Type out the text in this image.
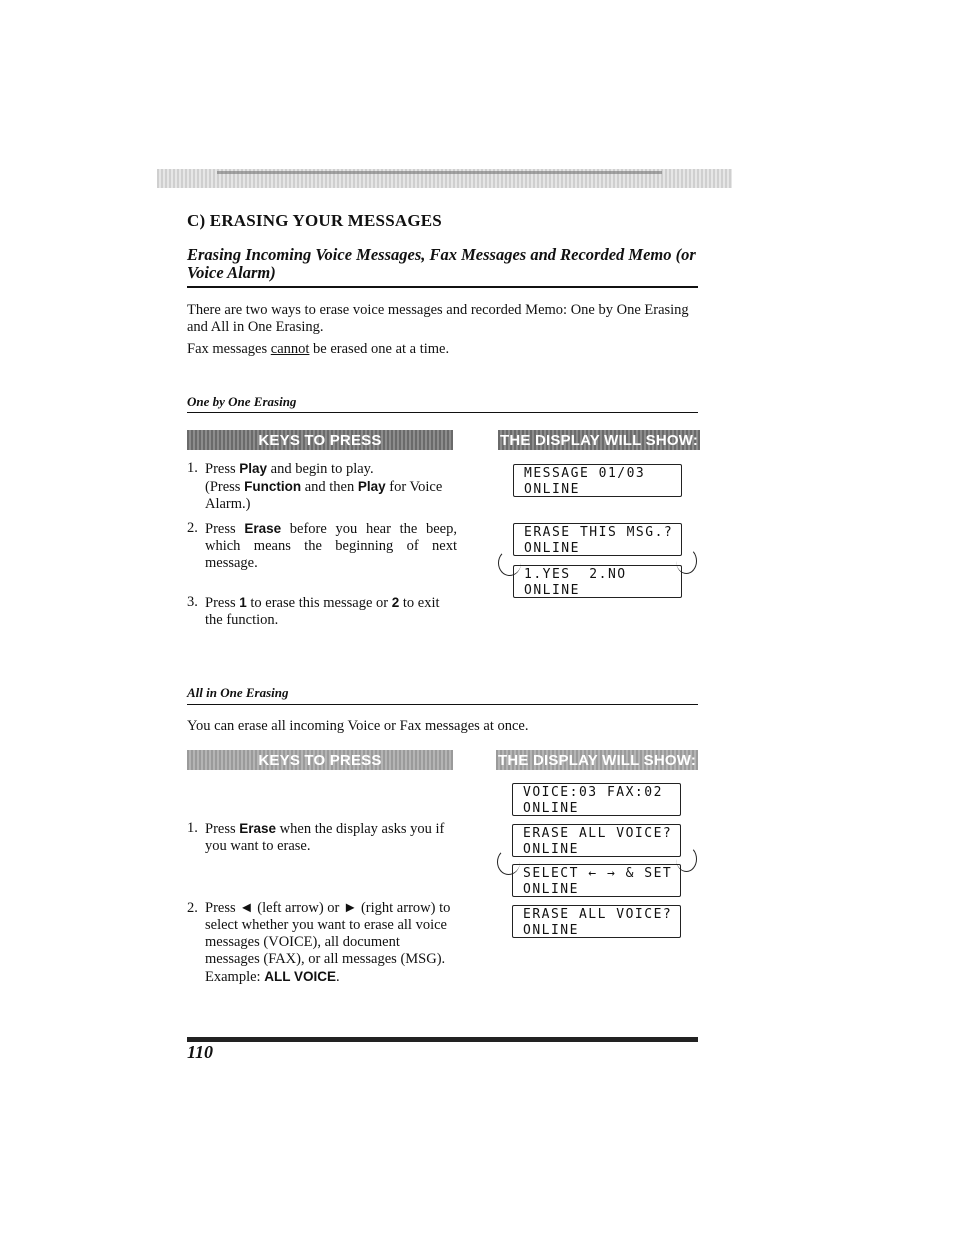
C) ERASING YOUR MESSAGES
Erasing Incoming Voice Messages, Fax Messages and Recorded Memo (or Voice Alarm)
There are two ways to erase voice messages and recorded Memo: One by One Erasing and All in One Erasing.
Fax messages cannot be erased one at a time.
One by One Erasing
KEYS TO PRESS	THE DISPLAY WILL SHOW:
1. Press Play and begin to play.
(Press Function and then Play for Voice Alarm.)
2. Press Erase before you hear the beep, which means the beginning of next message.
3. Press 1 to erase this message or 2 to exit the function.
MESSAGE 01/03
ONLINE
ERASE THIS MSG.?
ONLINE
1.YES  2.NO
ONLINE
All in One Erasing
You can erase all incoming Voice or Fax messages at once.
KEYS TO PRESS	THE DISPLAY WILL SHOW:
1. Press Erase when the display asks you if you want to erase.
2. Press ◄ (left arrow) or ► (right arrow) to select whether you want to erase all voice messages (VOICE), all document messages (FAX), or all messages (MSG). Example: ALL VOICE.
VOICE:03 FAX:02
ONLINE
ERASE ALL VOICE?
ONLINE
SELECT ← → & SET
ONLINE
ERASE ALL VOICE?
ONLINE
110
